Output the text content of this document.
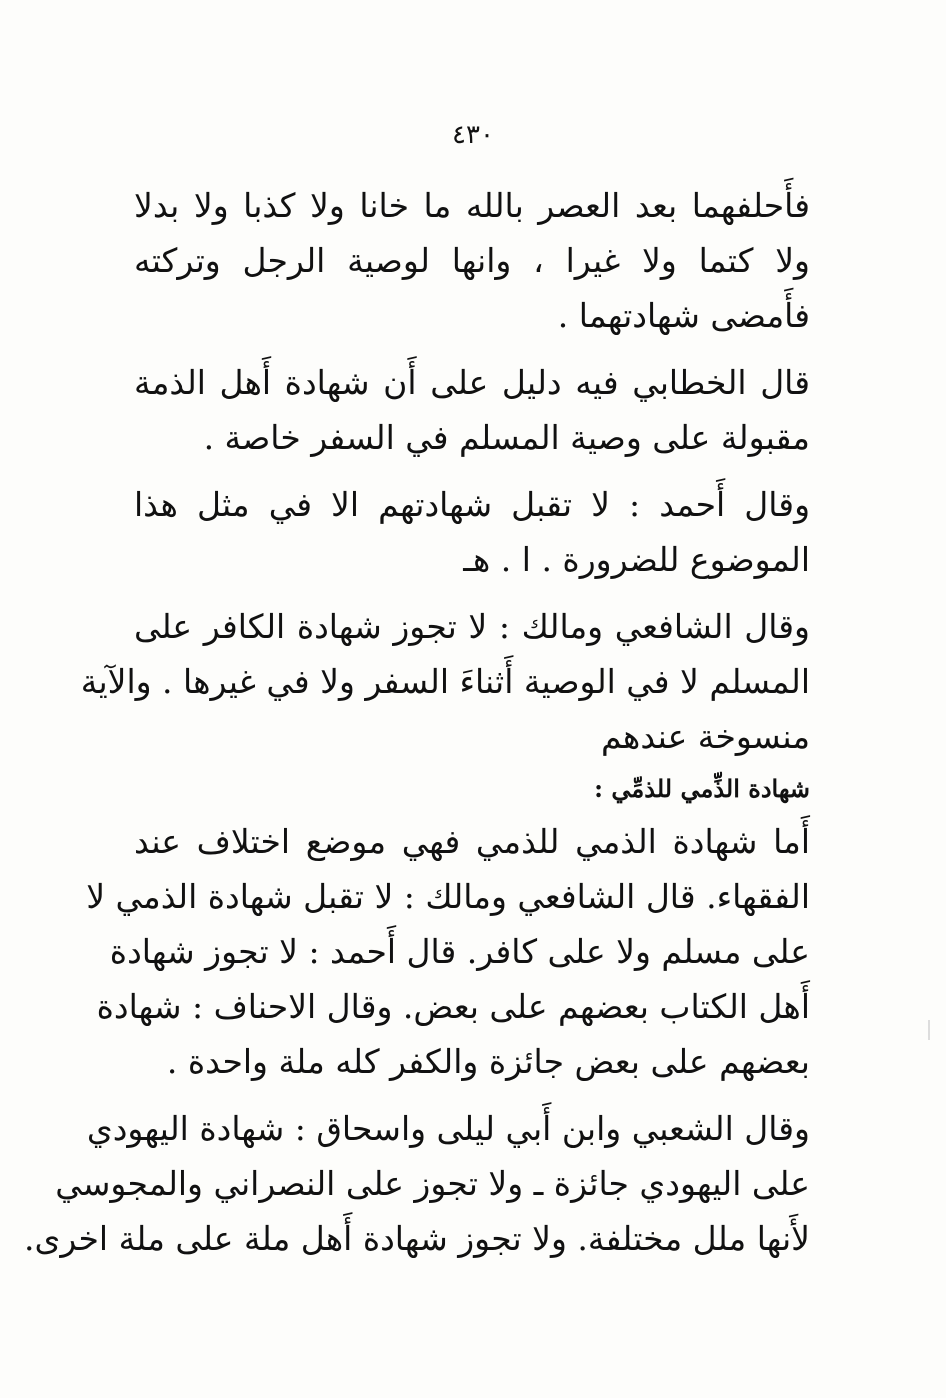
٤٣٠
فأَحلفهما بعد العصر بالله ما خانا ولا كذبا ولا بدلا
ولا كتما ولا غيرا ، وانها لوصية الرجل وتركته
فأَمضى شهادتهما .
قال الخطابي فيه دليل على أَن شهادة أَهل الذمة
مقبولة على وصية المسلم في السفر خاصة .
وقال أَحمد : لا تقبل شهادتهم الا في مثل هذا
الموضوع للضرورة . ا . هـ
وقال الشافعي ومالك : لا تجوز شهادة الكافر على
المسلم لا في الوصية أَثناءَ السفر ولا في غيرها . والآية
منسوخة عندهم
شهادة الذِّمي للذمِّي :
أَما شهادة الذمي للذمي فهي موضع اختلاف عند
الفقهاء. قال الشافعي ومالك : لا تقبل شهادة الذمي لا
على مسلم ولا على كافر. قال أَحمد : لا تجوز شهادة
أَهل الكتاب بعضهم على بعض. وقال الاحناف : شهادة
بعضهم على بعض جائزة والكفر كله ملة واحدة .
وقال الشعبي وابن أَبي ليلى واسحاق : شهادة اليهودي
على اليهودي جائزة ـ ولا تجوز على النصراني والمجوسي
لأَنها ملل مختلفة. ولا تجوز شهادة أَهل ملة على ملة اخرى.
